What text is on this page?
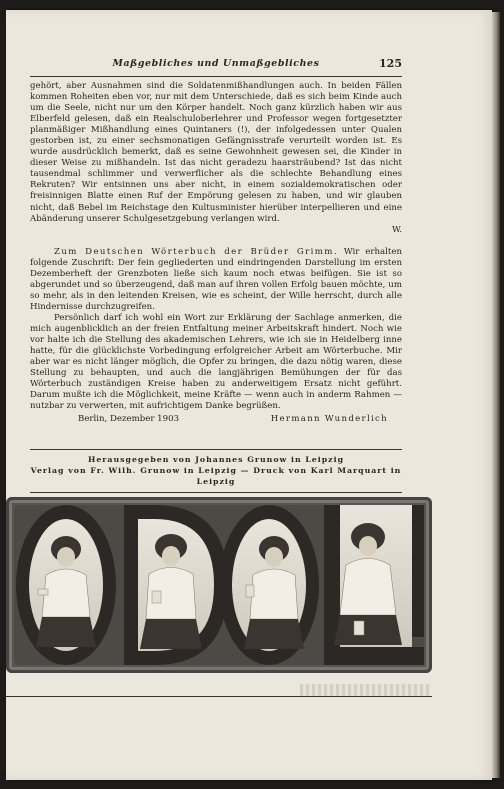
Maßgebliches und Unmaßgebliches	125

gehört, aber Ausnahmen sind die Soldatenmißhandlungen auch. In beiden Fällen kommen Roheiten eben vor, nur mit dem Unterschiede, daß es sich beim Kinde auch um die Seele, nicht nur um den Körper handelt. Noch ganz kürzlich haben wir aus Elberfeld gelesen, daß ein Realschuloberlehrer und Professor wegen fortgesetzter planmäßiger Mißhandlung eines Quintaners (!), der infolgedessen unter Qualen gestorben ist, zu einer sechsmonatigen Gefängnisstrafe verurteilt worden ist. Es wurde ausdrücklich bemerkt, daß es seine Gewohnheit gewesen sei, die Kinder in dieser Weise zu mißhandeln. Ist das nicht geradezu haarsträubend? Ist das nicht tausendmal schlimmer und verwerflicher als die schlechte Behandlung eines Rekruten? Wir entsinnen uns aber nicht, in einem sozialdemokratischen oder freisinnigen Blatte einen Ruf der Empörung gelesen zu haben, und wir glauben nicht, daß Bebel im Reichstage den Kultusminister hierüber interpellieren und eine Abänderung unserer Schulgesetzgebung verlangen wird.

W.

Zum Deutschen Wörterbuch der Brüder Grimm. Wir erhalten folgende Zuschrift: Der fein gegliederten und eindringenden Darstellung im ersten Dezemberheft der Grenzboten ließe sich kaum noch etwas beifügen. Sie ist so abgerundet und so überzeugend, daß man auf ihren vollen Erfolg bauen möchte, um so mehr, als in den leitenden Kreisen, wie es scheint, der Wille herrscht, durch alle Hindernisse durchzugreifen.

Persönlich darf ich wohl ein Wort zur Erklärung der Sachlage anmerken, die mich augenblicklich an der freien Entfaltung meiner Arbeitskraft hindert. Noch wie vor halte ich die Stellung des akademischen Lehrers, wie ich sie in Heidelberg inne hatte, für die glücklichste Vorbedingung erfolgreicher Arbeit am Wörterbuche. Mir aber war es nicht länger möglich, die Opfer zu bringen, die dazu nötig waren, diese Stellung zu behaupten, und auch die langjährigen Bemühungen der für das Wörterbuch zuständigen Kreise haben zu anderweitigem Ersatz nicht geführt. Darum mußte ich die Möglichkeit, meine Kräfte — wenn auch in anderm Rahmen — nutzbar zu verwerten, mit aufrichtigem Danke begrüßen.

Berlin, Dezember 1903	Hermann Wunderlich
Herausgegeben von Johannes Grunow in Leipzig
Verlag von Fr. Wilh. Grunow in Leipzig — Druck von Karl Marquart in Leipzig
